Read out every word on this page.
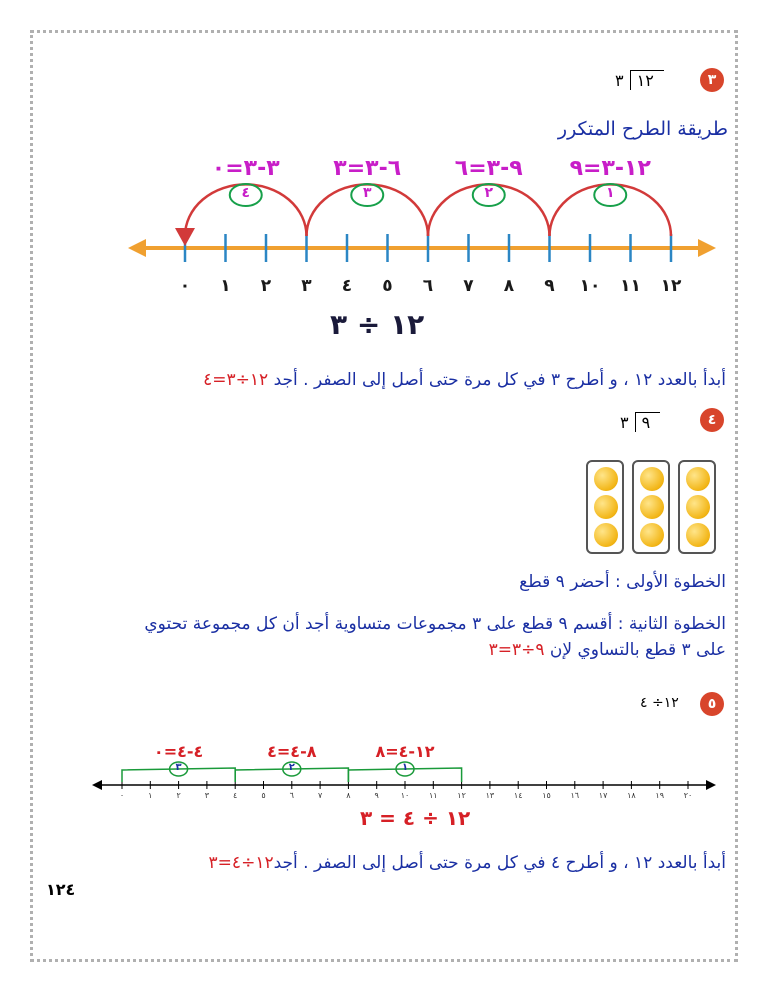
٣
٣ ١٢
طريقة الطرح المتكرر
٠	١	٢	٣	٤	٥	٦	٧	٨	٩	١٠ ١١ ١٢
١
١٢-٣=٩
٢
٩-٣=٦
٣
٦-٣=٣
٤
٣-٣=٠
١٢ ÷ ٣
أبدأ بالعدد ١٢ ، و أطرح ٣ في كل مرة حتى أصل إلى الصفر . أجد ١٢÷٣=٤
٤
٣ ٩
الخطوة الأولى : أحضر ٩ قطع
الخطوة الثانية : أقسم ٩ قطع على ٣ مجموعات متساوية أجد أن كل مجموعة تحتوي
على ٣ قطع بالتساوي لإن ٩÷٣=٣
٥
١٢÷ ٤
٠	١	٢	٣	٤	٥	٦	٧	٨	٩	١٠	١١	١٢	١٣	١٤	١٥	١٦	١٧	١٨	١٩	٢٠
١
١٢-٤=٨
٢
٨-٤=٤
٣
٤-٤=٠
١٢ ÷ ٤ = ٣
أبدأ بالعدد ١٢ ، و أطرح ٤ في كل مرة حتى أصل إلى الصفر . أجد١٢÷٤=٣
١٢٤
